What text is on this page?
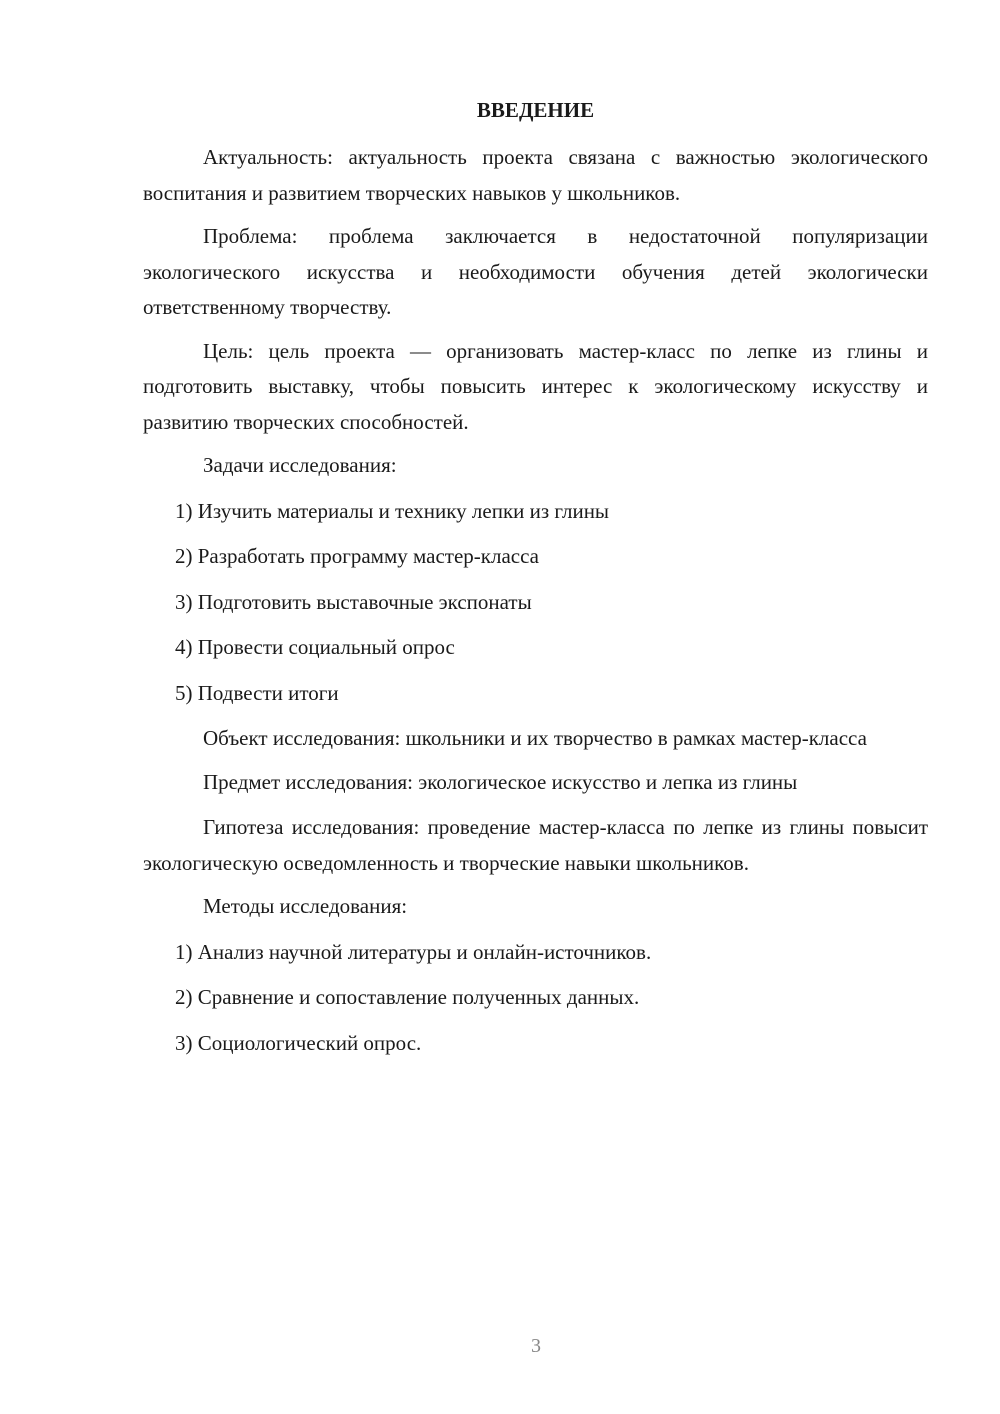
ВВЕДЕНИЕ

Актуальность: актуальность проекта связана с важностью экологического воспитания и развитием творческих навыков у школьников.

Проблема: проблема заключается в недостаточной популяризации экологического искусства и необходимости обучения детей экологически ответственному творчеству.

Цель: цель проекта — организовать мастер-класс по лепке из глины и подготовить выставку, чтобы повысить интерес к экологическому искусству и развитию творческих способностей.

Задачи исследования:

1) Изучить материалы и технику лепки из глины

2) Разработать программу мастер-класса

3) Подготовить выставочные экспонаты

4) Провести социальный опрос

5) Подвести итоги

Объект исследования: школьники и их творчество в рамках мастер-класса

Предмет исследования: экологическое искусство и лепка из глины

Гипотеза исследования: проведение мастер-класса по лепке из глины повысит экологическую осведомленность и творческие навыки школьников.

Методы исследования:

1) Анализ научной литературы и онлайн-источников.

2) Сравнение и сопоставление полученных данных.

3) Социологический опрос.

3
